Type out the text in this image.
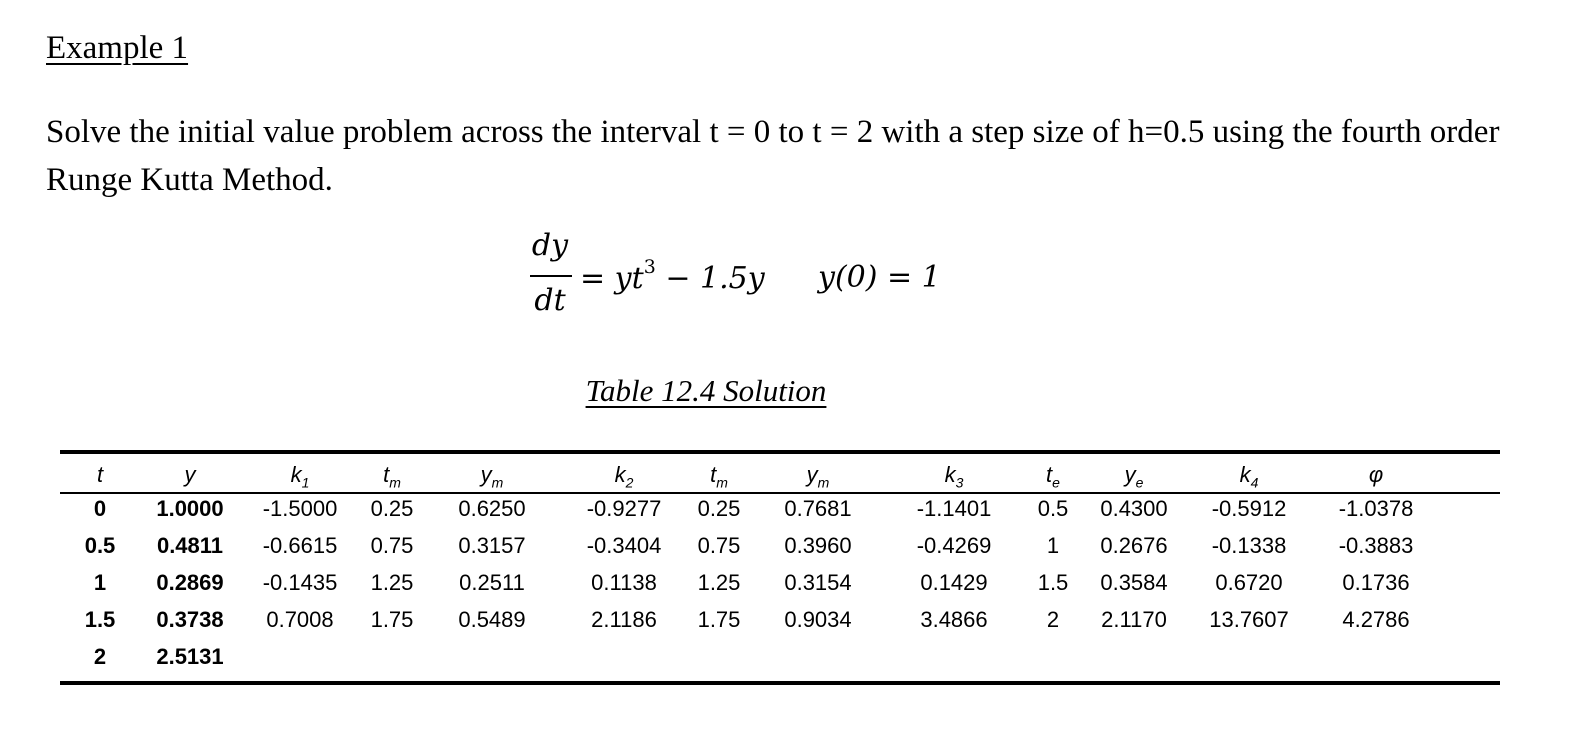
Example 1
Solve the initial value problem across the interval t = 0 to t = 2 with a step size of h=0.5 using the fourth order Runge Kutta Method.
dy
dt
= $yt^3 - 1.5y$ y(0) = 1
Table 12.4 Solution
t	y	$k_1$	$t_m$	$y_m$	$k_2$	$t_m$	$y_m$	$k_3$	$t_e$	$y_e$	$k_4$	φ
0	1.0000	-1.5000	0.25	0.6250	-0.9277	0.25	0.7681	-1.1401	0.5	0.4300	-0.5912	-1.0378
0.5	0.4811	-0.6615	0.75	0.3157	-0.3404	0.75	0.3960	-0.4269	1	0.2676	-0.1338	-0.3883
1	0.2869	-0.1435	1.25	0.2511	0.1138	1.25	0.3154	0.1429	1.5	0.3584	0.6720	0.1736
1.5	0.3738	0.7008	1.75	0.5489	2.1186	1.75	0.9034	3.4866	2	2.1170	13.7607	4.2786
2	2.5131											
